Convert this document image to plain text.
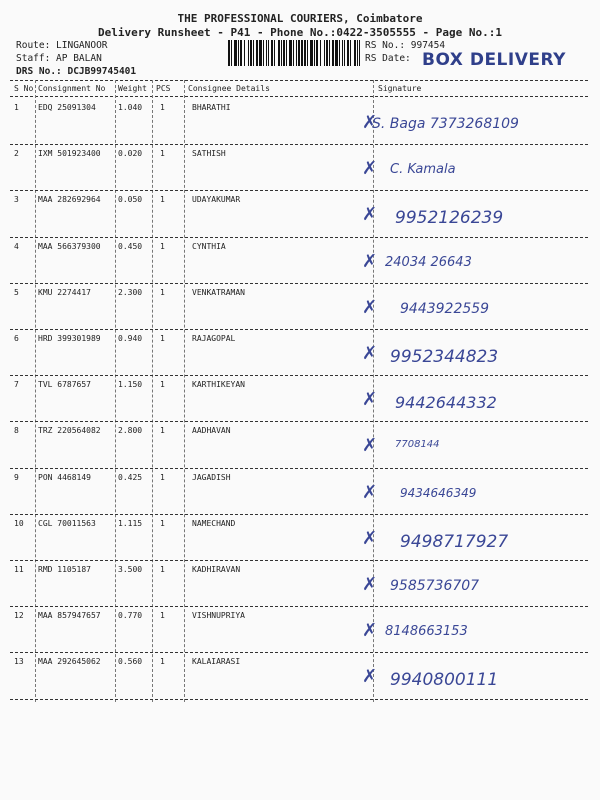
THE PROFESSIONAL COURIERS, Coimbatore
Delivery Runsheet - P41 - Phone No.:0422-3505555 - Page No.:1
Route: LINGANOOR
Staff: AP BALAN
DRS No.: DCJB99745401
RS No.: 997454
RS Date: BOX DELIVERY
S No Consignment No Weight PCS Consignee Details	Signature
1 EDQ 25091304	1.040 1	BHARATHI
S. Baga 7373268109
✗
2 IXM 501923400 0.020 1	SATHISH
C. Kamala
✗
3 MAA 282692964 0.050 1	UDAYAKUMAR
9952126239
✗
4 MAA 566379300 0.450 1	CYNTHIA
24034 26643
✗
5 KMU 2274417	2.300 1	VENKATRAMAN
9443922559
✗
6 HRD 399301989 0.940 1	RAJAGOPAL
9952344823
✗
7 TVL 6787657	1.150 1	KARTHIKEYAN
9442644332
✗
8 TRZ 220564082 2.800 1	AADHAVAN
7708144
✗
9 PON 4468149	0.425 1	JAGADISH
9434646349
✗
10 CGL 70011563	1.115 1	NAMECHAND
9498717927
✗
11 RMD 1105187	3.500 1	KADHIRAVAN
9585736707
✗
12 MAA 857947657 0.770 1	VISHNUPRIYA
8148663153
✗
13 MAA 292645062 0.560 1	KALAIARASI
9940800111
✗
